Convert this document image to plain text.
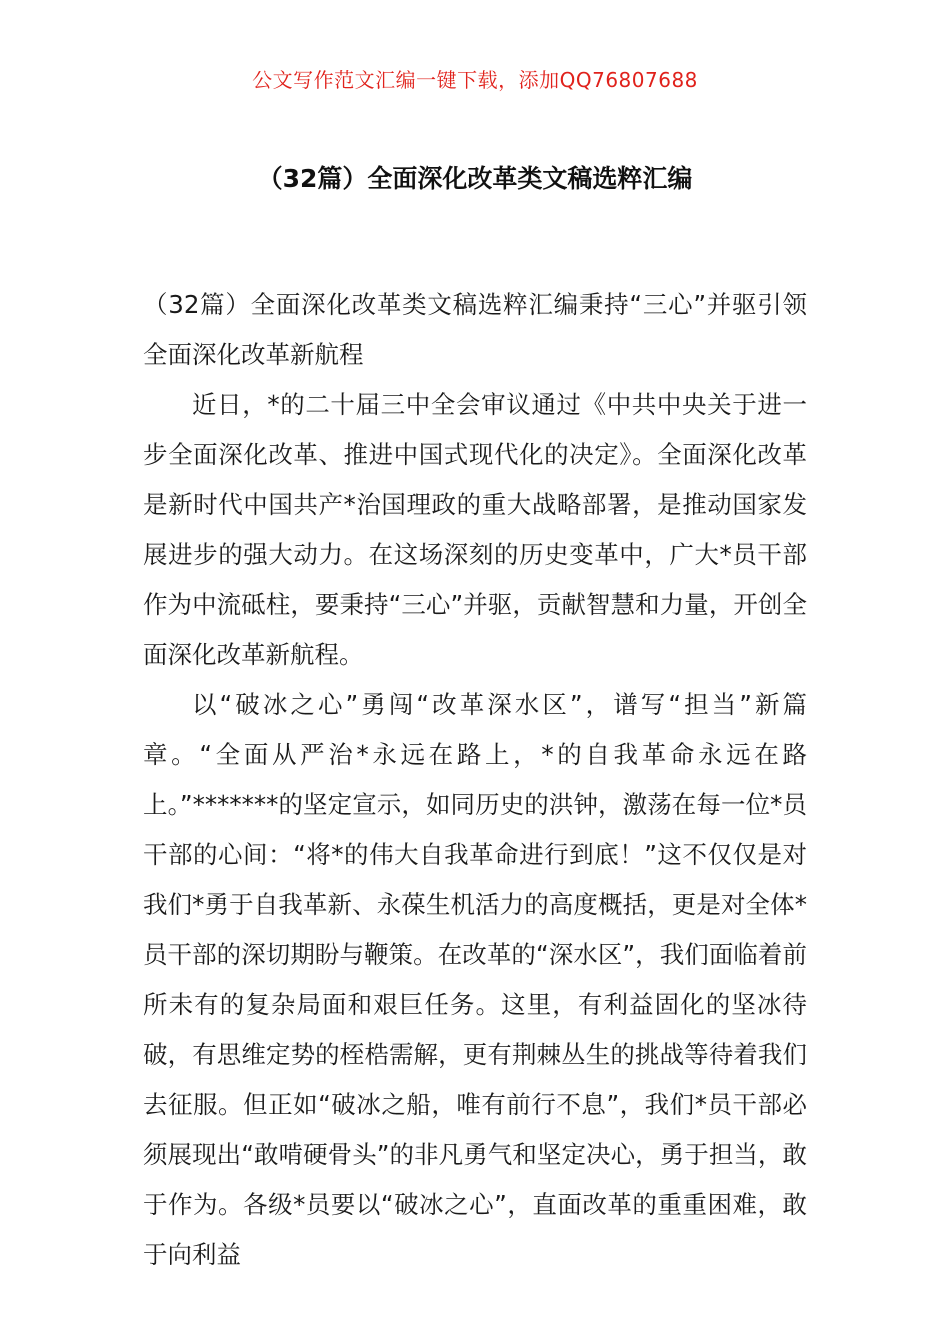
公文写作范文汇编一键下载，添加QQ76807688
（32篇）全面深化改革类文稿选粹汇编

（32篇）全面深化改革类文稿选粹汇编秉持“三心”并驱引领全面深化改革新航程

近日，*的二十届三中全会审议通过《中共中央关于进一步全面深化改革、推进中国式现代化的决定》。全面深化改革是新时代中国共产*治国理政的重大战略部署，是推动国家发展进步的强大动力。在这场深刻的历史变革中，广大*员干部作为中流砥柱，要秉持“三心”并驱，贡献智慧和力量，开创全面深化改革新航程。

以“破冰之心”勇闯“改革深水区”，谱写“担当”新篇章。“全面从严治*永远在路上，*的自我革命永远在路上。”*******的坚定宣示，如同历史的洪钟，激荡在每一位*员干部的心间：“将*的伟大自我革命进行到底！”这不仅仅是对我们*勇于自我革新、永葆生机活力的高度概括，更是对全体*员干部的深切期盼与鞭策。在改革的“深水区”，我们面临着前所未有的复杂局面和艰巨任务。这里，有利益固化的坚冰待破，有思维定势的桎梏需解，更有荆棘丛生的挑战等待着我们去征服。但正如“破冰之船，唯有前行不息”，我们*员干部必须展现出“敢啃硬骨头”的非凡勇气和坚定决心，勇于担当，敢于作为。各级*员要以“破冰之心”，直面改革的重重困难，敢于向利益
